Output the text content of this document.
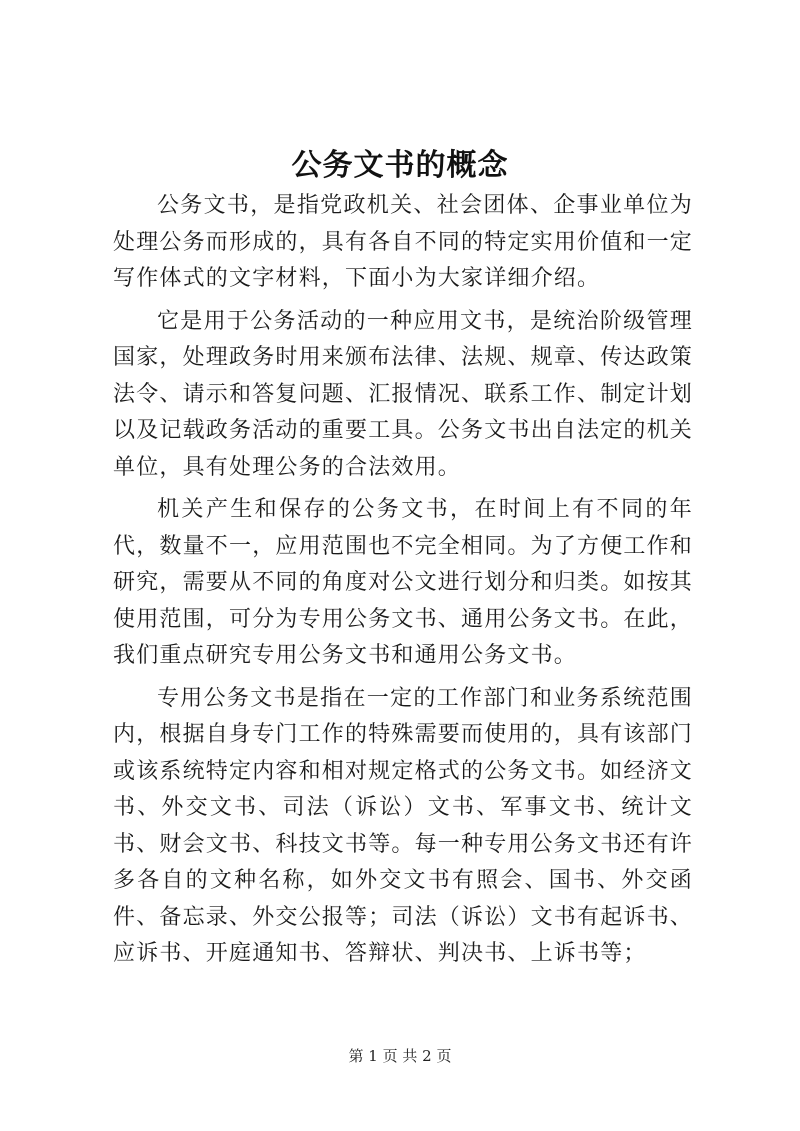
公务文书的概念

公务文书，是指党政机关、社会团体、企事业单位为处理公务而形成的，具有各自不同的特定实用价值和一定写作体式的文字材料，下面小为大家详细介绍。

它是用于公务活动的一种应用文书，是统治阶级管理国家，处理政务时用来颁布法律、法规、规章、传达政策法令、请示和答复问题、汇报情况、联系工作、制定计划以及记载政务活动的重要工具。公务文书出自法定的机关单位，具有处理公务的合法效用。

机关产生和保存的公务文书，在时间上有不同的年代，数量不一，应用范围也不完全相同。为了方便工作和研究，需要从不同的角度对公文进行划分和归类。如按其使用范围，可分为专用公务文书、通用公务文书。在此，我们重点研究专用公务文书和通用公务文书。

专用公务文书是指在一定的工作部门和业务系统范围内，根据自身专门工作的特殊需要而使用的，具有该部门或该系统特定内容和相对规定格式的公务文书。如经济文书、外交文书、司法（诉讼）文书、军事文书、统计文书、财会文书、科技文书等。每一种专用公务文书还有许多各自的文种名称，如外交文书有照会、国书、外交函件、备忘录、外交公报等；司法（诉讼）文书有起诉书、应诉书、开庭通知书、答辩状、判决书、上诉书等；

第 1 页 共 2 页
